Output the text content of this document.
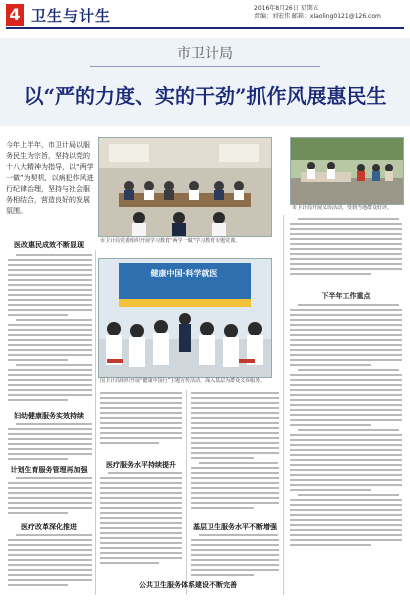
4 卫生与计生	2016年8月26日 星期五
责编：刘宏伟 邮箱：xlaoling0121@126.com
市卫计局
以“严的力度、实的干劲”抓作风展惠民生
今年上半年，市卫计局以服务民生为宗旨，坚持以党的十八大精神为指导，以“两学一做”为契机，以病犯作风进行纪律治理，坚持与社会服务相结合，营造良好的发展氛围。
市卫计局党委组织开展学习教育“两学一做”学习教育专题党课。
市卫计局开展义诊活动，受到当地群众好评。
健康中国·科学就医
国卫计局组织开展“健康中国行”主题宣传活动，深入基层为群众义诊服务。
医改惠民成效不断显现
妇幼健康服务实效持续
计划生育服务管理再加强
医疗改革深化推进
医疗服务水平持续提升
公共卫生服务体系建设不断完善
基层卫生服务水平不断增强
下半年工作重点
